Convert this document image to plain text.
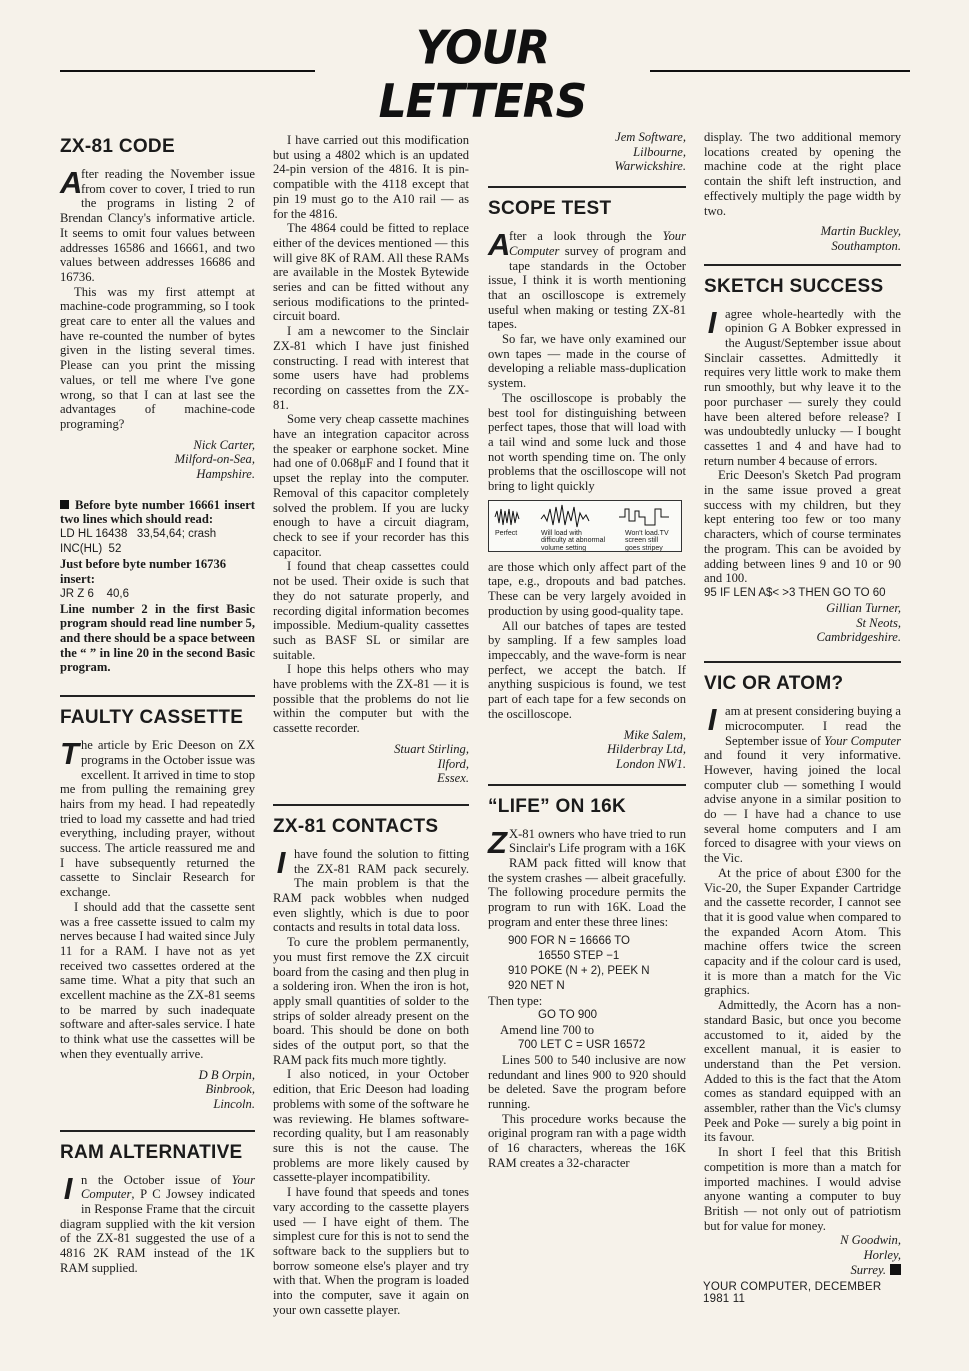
YOUR LETTERS
ZX-81 CODE

A
fter reading the November issue from cover to cover, I tried to run the programs in listing 2 of Brendan Clancy's informative article. It seems to omit four values between addresses 16586 and 16661, and two values between addresses 16686 and 16736.

This was my first attempt at machine-code programming, so I took great care to enter all the values and have re-counted the number of bytes given in the listing several times. Please can you print the missing values, or tell me where I've gone wrong, so that I can at last see the advantages of machine-code programing?

Nick Carter,
Milford-on-Sea,
Hampshire.
Before byte number 16661 insert two lines which should read:
LD HL 16438   33,54,64; crash
INC(HL)  52
Just before byte number 16736 insert:
JR Z 6    40,6
Line number 2 in the first Basic program should read line number 5, and there should be a space between the “ ” in line 20 in the second Basic program.
FAULTY CASSETTE

The article by Eric Deeson on ZX programs in the October issue was excellent. It arrived in time to stop me from pulling the remaining grey hairs from my head. I had repeatedly tried to load my cassette and had tried everything, including prayer, without success. The article reassured me and I have subsequently returned the cassette to Sinclair Research for exchange.

I should add that the cassette sent was a free cassette issued to calm my nerves because I had waited since July 11 for a RAM. I have not as yet received two cassettes ordered at the same time. What a pity that such an excellent machine as the ZX-81 seems to be marred by such inadequate software and after-sales service. I hate to think what use the cassettes will be when they eventually arrive.

D B Orpin,
Binbrook,
Lincoln.
RAM ALTERNATIVE

In the October issue of Your Computer, P C Jowsey indicated in Response Frame that the circuit diagram supplied with the kit version of the ZX-81 suggested the use of a 4816 2K RAM instead of the 1K RAM supplied.

I have carried out this modification but using a 4802 which is an updated 24-pin version of the 4816. It is pin-compatible with the 4118 except that pin 19 must go to the A10 rail — as for the 4816.

The 4864 could be fitted to replace either of the devices mentioned — this will give 8K of RAM. All these RAMs are available in the Mostek Bytewide series and can be fitted without any serious modifications to the printed-circuit board.

I am a newcomer to the Sinclair ZX-81 which I have just finished constructing. I read with interest that some users have had problems recording on cassettes from the ZX-81.

Some very cheap cassette machines have an integration capacitor across the speaker or earphone socket. Mine had one of 0.068μF and I found that it upset the replay into the computer. Removal of this capacitor completely solved the problem. If you are lucky enough to have a circuit diagram, check to see if your recorder has this capacitor.

I found that cheap cassettes could not be used. Their oxide is such that they do not saturate properly, and recording digital information becomes impossible. Medium-quality cassettes such as BASF SL or similar are suitable.

I hope this helps others who may have problems with the ZX-81 — it is possible that the problems do not lie within the computer but with the cassette recorder.

Stuart Stirling,
Ilford,
Essex.
ZX-81 CONTACTS

Ihave found the solution to fitting the ZX-81 RAM pack securely. The main problem is that the RAM pack wobbles when nudged even slightly, which is due to poor contacts and results in total data loss.

To cure the problem permanently, you must first remove the ZX circuit board from the casing and then plug in a soldering iron. When the iron is hot, apply small quantities of solder to the strips of solder already present on the board. This should be done on both sides of the output port, so that the RAM pack fits much more tightly.

I also noticed, in your October edition, that Eric Deeson had loading problems with some of the software he was reviewing. He blames software-recording quality, but I am reasonably sure this is not the cause. The problems are more likely caused by cassette-player incompatibility.

I have found that speeds and tones vary according to the cassette players used — I have eight of them. The simplest cure for this is not to send the software back to the suppliers but to borrow someone else's player and try with that. When the program is loaded into the computer, save it again on your own cassette player.

Jem Software,
Lilbourne,
Warwickshire.
SCOPE TEST

A
fter a look through the Your Computer survey of program and tape standards in the October issue, I think it is worth mentioning that an oscilloscope is extremely useful when making or testing ZX-81 tapes.

So far, we have only examined our own tapes — made in the course of developing a reliable mass-duplication system.

The oscilloscope is probably the best tool for distinguishing between perfect tapes, those that will load with a tail wind and some luck and those not worth spending time on. The only problems that the oscilloscope will not bring to light quickly

Perfect	Will load with
difficulty at abnormal
volume setting
Won't load.TV
screen still
goes stripey

are those which only affect part of the tape, e.g., dropouts and bad patches. These can be very largely avoided in production by using good-quality tape.

All our batches of tapes are tested by sampling. If a few samples load impeccably, and the wave-form is near perfect, we accept the batch. If anything suspicious is found, we test part of each tape for a few seconds on the oscilloscope.

Mike Salem,
Hilderbray Ltd,
London NW1.
“LIFE” ON 16K

Z X-81 owners who have tried to run Sinclair's Life program with a 16K RAM pack fitted will know that the system crashes — albeit gracefully. The following procedure permits the program to run with 16K. Load the program and enter these three lines:

900 FOR N = 16666 TO
16550 STEP −1
910 POKE (N + 2), PEEK N
920 NET N
Then type:
GO TO 900
Amend line 700 to
700 LET C = USR 16572

Lines 500 to 540 inclusive are now redundant and lines 900 to 920 should be deleted. Save the program before running.

This procedure works because the original program ran with a page width of 16 characters, whereas the 16K RAM creates a 32-character

display. The two additional memory locations created by opening the machine code at the right place contain the shift left instruction, and effectively multiply the page width by two.

Martin Buckley,
Southampton.
SKETCH SUCCESS

Iagree whole-heartedly with the opinion G A Bobker expressed in the August/September issue about Sinclair cassettes. Admittedly it requires very little work to make them run smoothly, but why leave it to the poor purchaser — surely they could have been altered before release? I was undoubtedly unlucky — I bought cassettes 1 and 4 and have had to return number 4 because of errors.

Eric Deeson's Sketch Pad program in the same issue proved a great success with my children, but they kept entering too few or too many characters, which of course terminates the program. This can be avoided by adding between lines 9 and 10 or 90 and 100.

95 IF LEN A$< >3 THEN GO TO 60
Gillian Turner,
St Neots,
Cambridgeshire.
VIC OR ATOM?

Iam at present considering buying a microcomputer. I read the September issue of Your Computer and found it very informative. However, having joined the local computer club — something I would advise anyone in a similar position to do — I have had a chance to use several home computers and I am forced to disagree with your views on the Vic.

At the price of about £300 for the Vic-20, the Super Expander Cartridge and the cassette recorder, I cannot see that it is good value when compared to the expanded Acorn Atom. This machine offers twice the screen capacity and if the colour card is used, it is more than a match for the Vic graphics.

Admittedly, the Acorn has a non-standard Basic, but once you become accustomed to it, aided by the excellent manual, it is easier to understand than the Pet version. Added to this is the fact that the Atom comes as standard equipped with an assembler, rather than the Vic's clumsy Peek and Poke — surely a big point in its favour.

In short I feel that this British competition is more than a match for imported machines. I would advise anyone wanting a computer to buy British — not only out of patriotism but for value for money.

N Goodwin,
Horley,
Surrey.
YOUR COMPUTER, DECEMBER 1981 11
